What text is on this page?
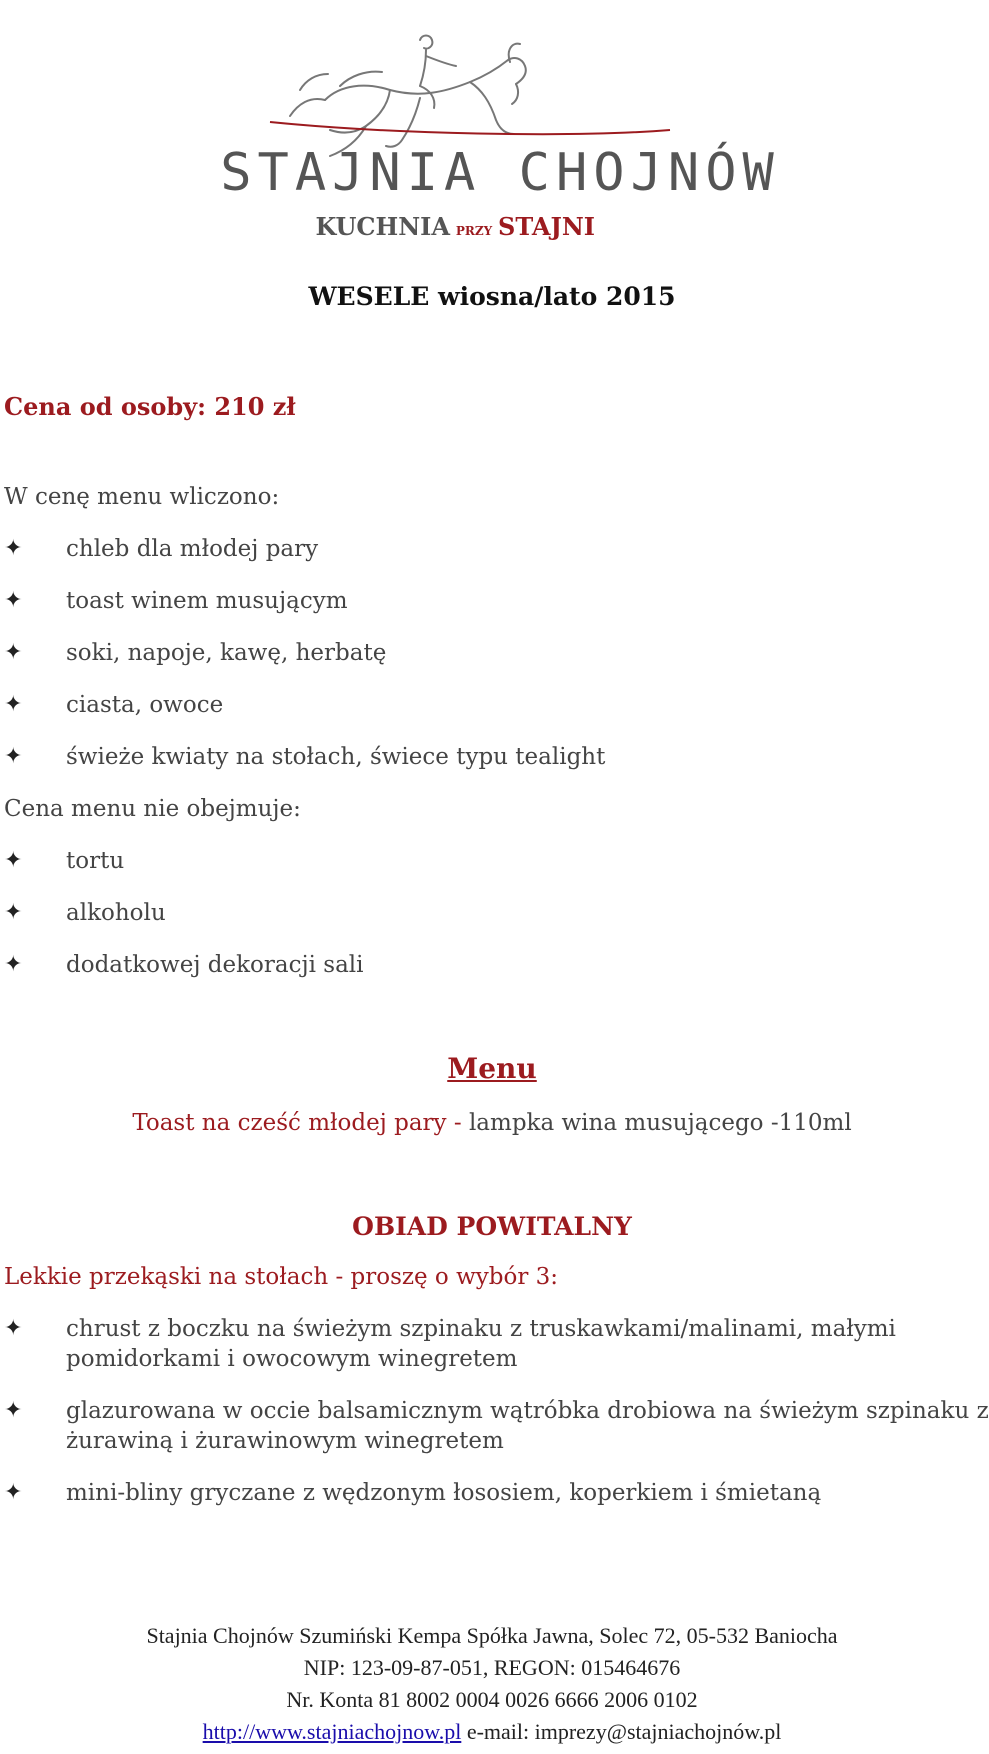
STAJNIA CHOJNÓW
KUCHNIA PRZY STAJNI
WESELE wiosna/lato 2015
Cena od osoby: 210 zł
W cenę menu wliczono:
✦ chleb dla młodej pary
✦ toast winem musującym
✦ soki, napoje, kawę, herbatę
✦ ciasta, owoce
✦ świeże kwiaty na stołach, świece typu tealight
Cena menu nie obejmuje:
✦ tortu
✦ alkoholu
✦ dodatkowej dekoracji sali
Menu
Toast na cześć młodej pary - lampka wina musującego -110ml
OBIAD POWITALNY
Lekkie przekąski na stołach - proszę o wybór 3:
✦ chrust z boczku na świeżym szpinaku z truskawkami/malinami, małymi
pomidorkami i owocowym winegretem
✦ glazurowana w occie balsamicznym wątróbka drobiowa na świeżym szpinaku z
żurawiną i żurawinowym winegretem
✦ mini-bliny gryczane z wędzonym łososiem, koperkiem i śmietaną
Stajnia Chojnów Szumiński Kempa Spółka Jawna, Solec 72, 05-532 Baniocha
NIP: 123-09-87-051, REGON: 015464676
Nr. Konta 81 8002 0004 0026 6666 2006 0102
http://www.stajniachojnow.pl e-mail: imprezy@stajniachojnów.pl
